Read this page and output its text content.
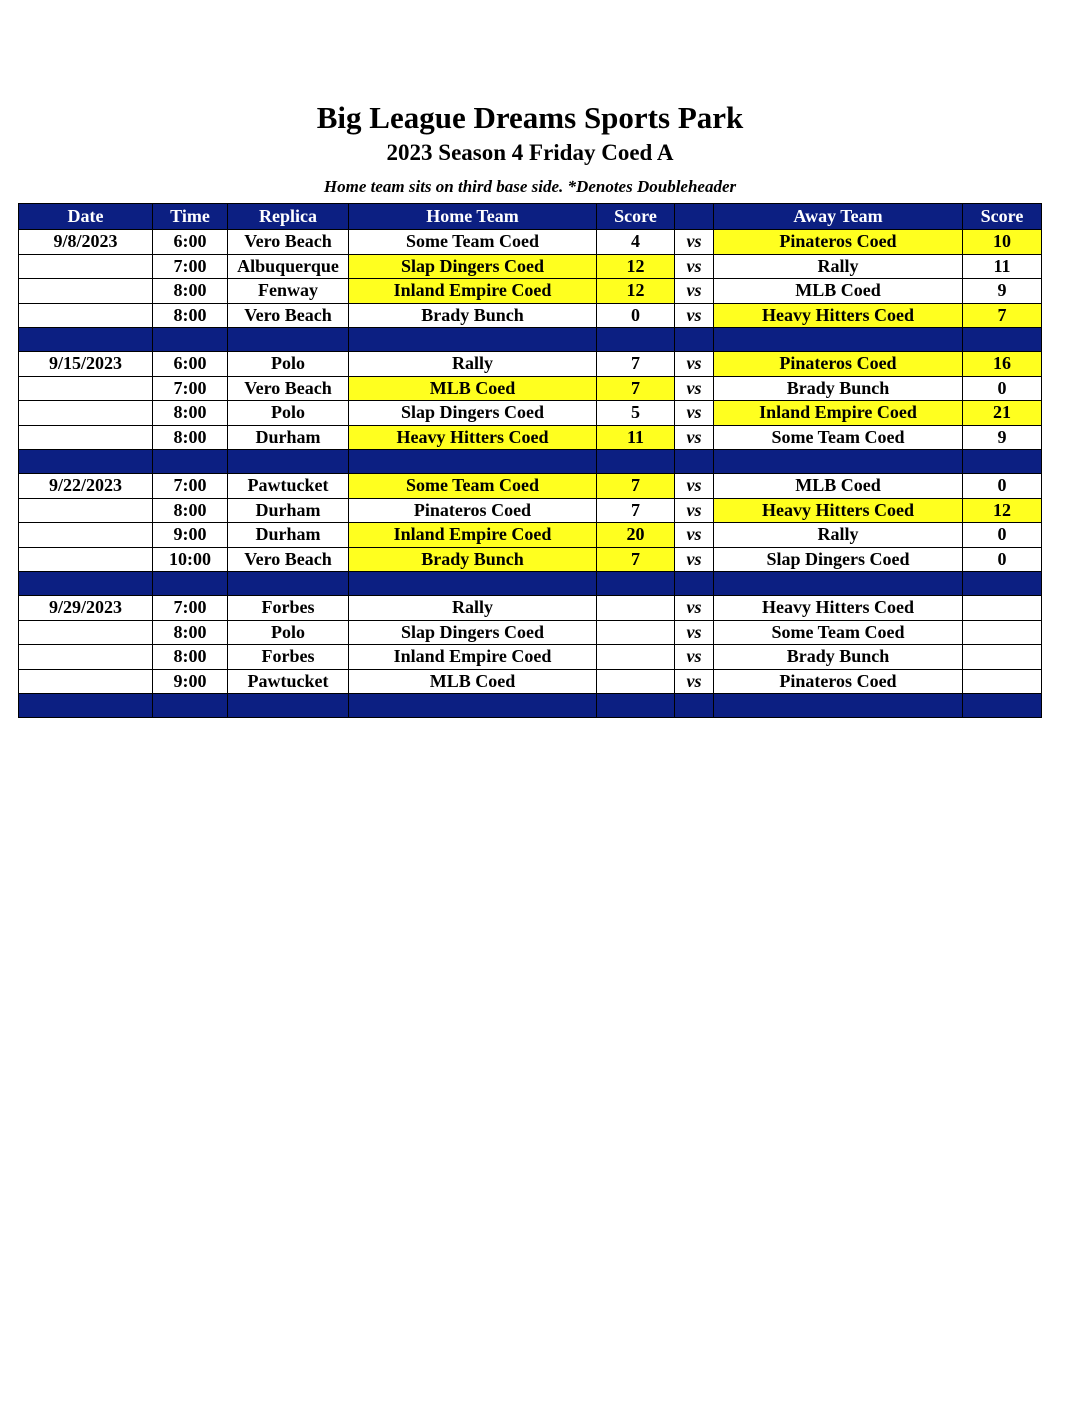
Big League Dreams Sports Park
2023 Season 4 Friday Coed A
Home team sits on third base side. *Denotes Doubleheader
Date	Time	Replica	Home Team	Score		Away Team	Score
9/8/2023	6:00	Vero Beach	Some Team Coed	4	vs	Pinateros Coed	10
	7:00	Albuquerque	Slap Dingers Coed	12	vs	Rally	11
	8:00	Fenway	Inland Empire Coed	12	vs	MLB Coed	9
	8:00	Vero Beach	Brady Bunch	0	vs	Heavy Hitters Coed	7

9/15/2023	6:00	Polo	Rally	7	vs	Pinateros Coed	16
	7:00	Vero Beach	MLB Coed	7	vs	Brady Bunch	0
	8:00	Polo	Slap Dingers Coed	5	vs	Inland Empire Coed	21
	8:00	Durham	Heavy Hitters Coed	11	vs	Some Team Coed	9

9/22/2023	7:00	Pawtucket	Some Team Coed	7	vs	MLB Coed	0
	8:00	Durham	Pinateros Coed	7	vs	Heavy Hitters Coed	12
	9:00	Durham	Inland Empire Coed	20	vs	Rally	0
	10:00	Vero Beach	Brady Bunch	7	vs	Slap Dingers Coed	0

9/29/2023	7:00	Forbes	Rally		vs	Heavy Hitters Coed	
	8:00	Polo	Slap Dingers Coed		vs	Some Team Coed	
	8:00	Forbes	Inland Empire Coed		vs	Brady Bunch	
	9:00	Pawtucket	MLB Coed		vs	Pinateros Coed	
